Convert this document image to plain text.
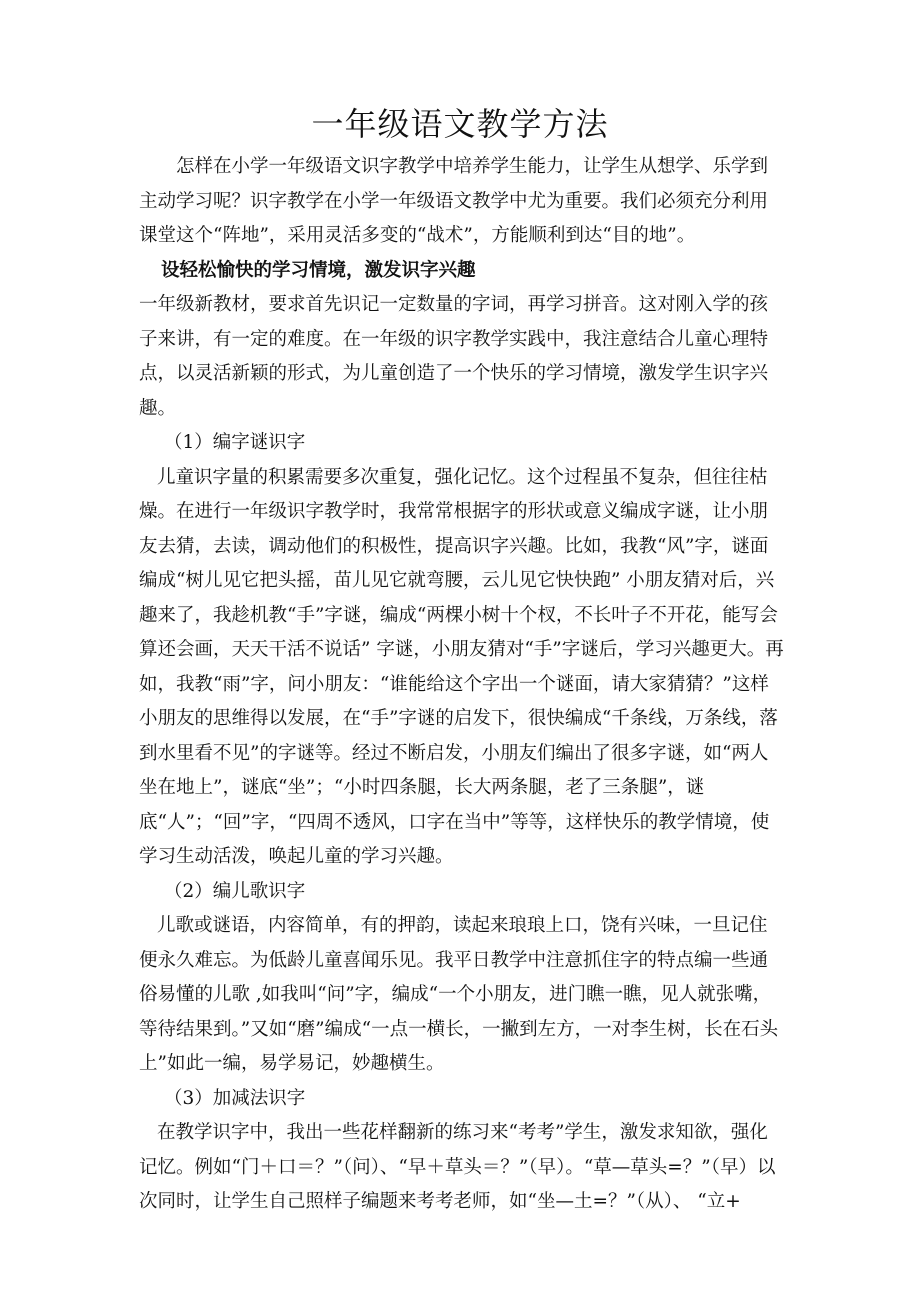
一年级语文教学方法

怎样在小学一年级语文识字教学中培养学生能力，让学生从想学、乐学到主动学习呢？识字教学在小学一年级语文教学中尤为重要。我们必须充分利用课堂这个“阵地”，采用灵活多变的“战术”，方能顺利到达“目的地”。

设轻松愉快的学习情境，激发识字兴趣

一年级新教材，要求首先识记一定数量的字词，再学习拼音。这对刚入学的孩子来讲，有一定的难度。在一年级的识字教学实践中，我注意结合儿童心理特点，以灵活新颖的形式，为儿童创造了一个快乐的学习情境，激发学生识字兴趣。

（1）编字谜识字

儿童识字量的积累需要多次重复，强化记忆。这个过程虽不复杂，但往往枯燥。在进行一年级识字教学时，我常常根据字的形状或意义编成字谜，让小朋友去猜，去读，调动他们的积极性，提高识字兴趣。比如，我教“风”字，谜面编成“树儿见它把头摇，苗儿见它就弯腰，云儿见它快快跑” 小朋友猜对后，兴趣来了，我趁机教“手”字谜，编成“两棵小树十个杈，不长叶子不开花，能写会算还会画，天天干活不说话” 字谜，小朋友猜对“手”字谜后，学习兴趣更大。再如，我教“雨”字，问小朋友：“谁能给这个字出一个谜面，请大家猜猜？”这样小朋友的思维得以发展，在“手”字谜的启发下，很快编成“千条线，万条线，落到水里看不见”的字谜等。经过不断启发，小朋友们编出了很多字谜，如“两人坐在地上”，谜底“坐”；“小时四条腿，长大两条腿，老了三条腿”，谜底“人”；“回”字，“四周不透风，口字在当中”等等，这样快乐的教学情境，使学习生动活泼，唤起儿童的学习兴趣。

（2）编儿歌识字

儿歌或谜语，内容简单，有的押韵，读起来琅琅上口，饶有兴味，一旦记住便永久难忘。为低龄儿童喜闻乐见。我平日教学中注意抓住字的特点编一些通俗易懂的儿歌 ,如我叫“问”字，编成“一个小朋友，进门瞧一瞧，见人就张嘴，等待结果到。”又如“磨”编成“一点一横长，一撇到左方，一对李生树，长在石头上”如此一编，易学易记，妙趣横生。

（3）加减法识字

在教学识字中，我出一些花样翻新的练习来“考考”学生，激发求知欲，强化记忆。例如“门＋口＝？”（问）、“早＋草头＝？”（早）。“草—草头=？”（早）以次同时，让学生自己照样子编题来考考老师，如“坐—土=？”（从）、 “立+
